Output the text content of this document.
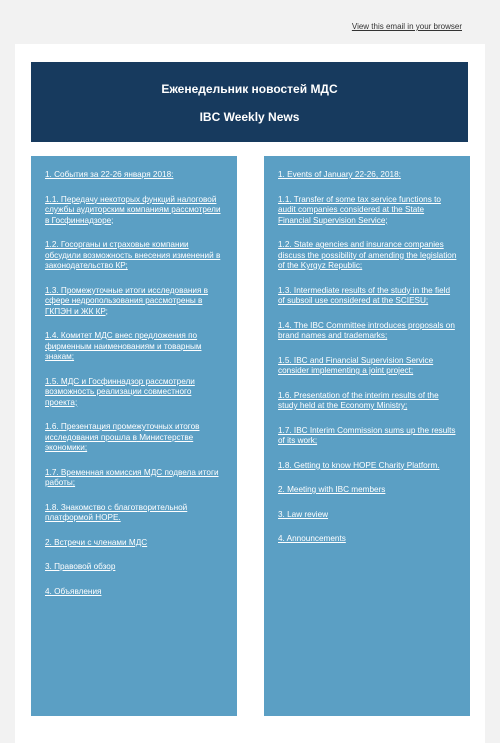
View this email in your browser
Еженедельник новостей МДС
IBC Weekly News
1. События за 22-26 января 2018:
1.1. Передачу некоторых функций налоговой службы аудиторским компаниям рассмотрели в Госфиннадзоре;
1.2. Госорганы и страховые компании обсудили возможность внесения изменений в законодательство КР;
1.3. Промежуточные итоги исследования в сфере недропользования рассмотрены в ГКПЭН и ЖК КР;
1.4. Комитет МДС внес предложения по фирменным наименованиям и товарным знакам;
1.5. МДС и Госфиннадзор рассмотрели возможность реализации совместного проекта;
1.6. Презентация промежуточных итогов исследования прошла в Министерстве экономики;
1.7. Временная комиссия МДС подвела итоги работы;
1.8. Знакомство с благотворительной платформой HOPE.
2. Встречи с членами МДС
3. Правовой обзор
4. Объявления
1. Events of January 22-26, 2018:
1.1. Transfer of some tax service functions to audit companies considered at the State Financial Supervision Service;
1.2. State agencies and insurance companies discuss the possibility of amending the legislation of the Kyrgyz Republic;
1.3. Intermediate results of the study in the field of subsoil use considered at the SCIESU;
1.4. The IBC Committee introduces proposals on brand names and trademarks;
1.5. IBC and Financial Supervision Service consider implementing a joint project;
1.6. Presentation of the interim results of the study held at the Economy Ministry;
1.7. IBC Interim Commission sums up the results of its work;
1.8. Getting to know HOPE Charity Platform.
2. Meeting with IBC members
3. Law review
4. Announcements
